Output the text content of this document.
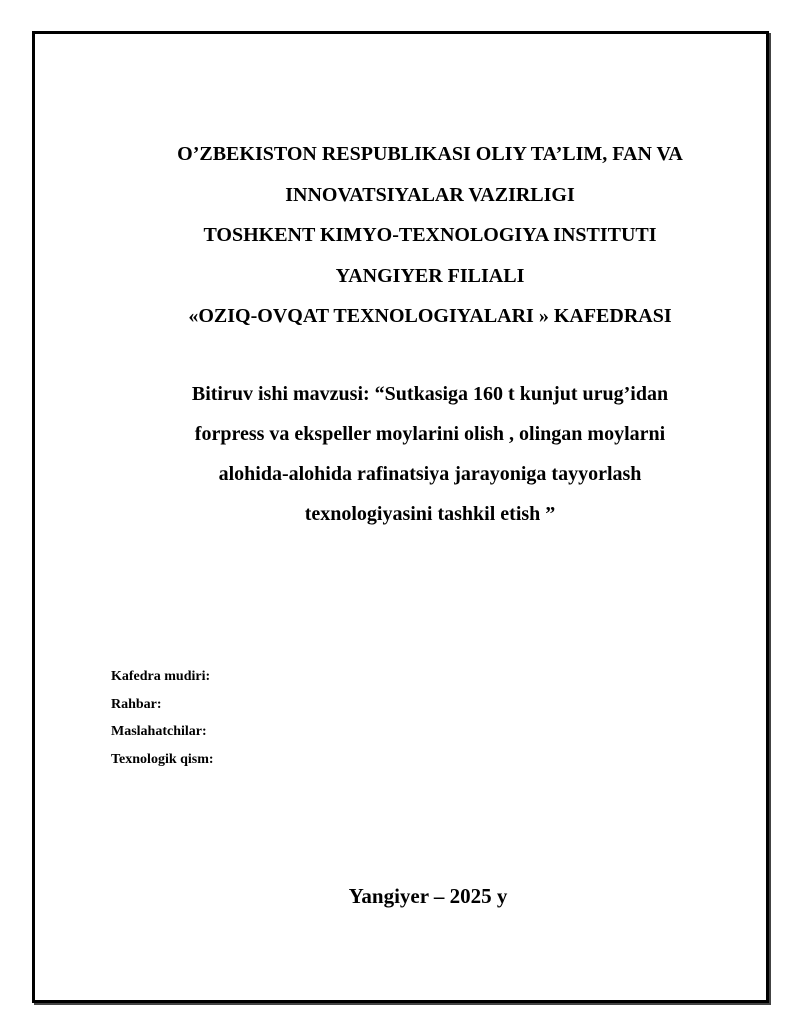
O’ZBEKISTON RESPUBLIKASI OLIY TA’LIM, FAN VA
INNOVATSIYALAR VAZIRLIGI
TOSHKENT KIMYO-TEXNOLOGIYA INSTITUTI
YANGIYER FILIALI
«OZIQ-OVQAT TEXNOLOGIYALARI » KAFEDRASI
Bitiruv ishi mavzusi: “Sutkasiga 160 t kunjut urug’idan
forpress va ekspeller moylarini olish , olingan moylarni
alohida-alohida rafinatsiya jarayoniga tayyorlash
texnologiyasini tashkil etish ”
Kafedra mudiri:
Rahbar:
Maslahatchilar:
Texnologik qism:
Yangiyer – 2025 y
